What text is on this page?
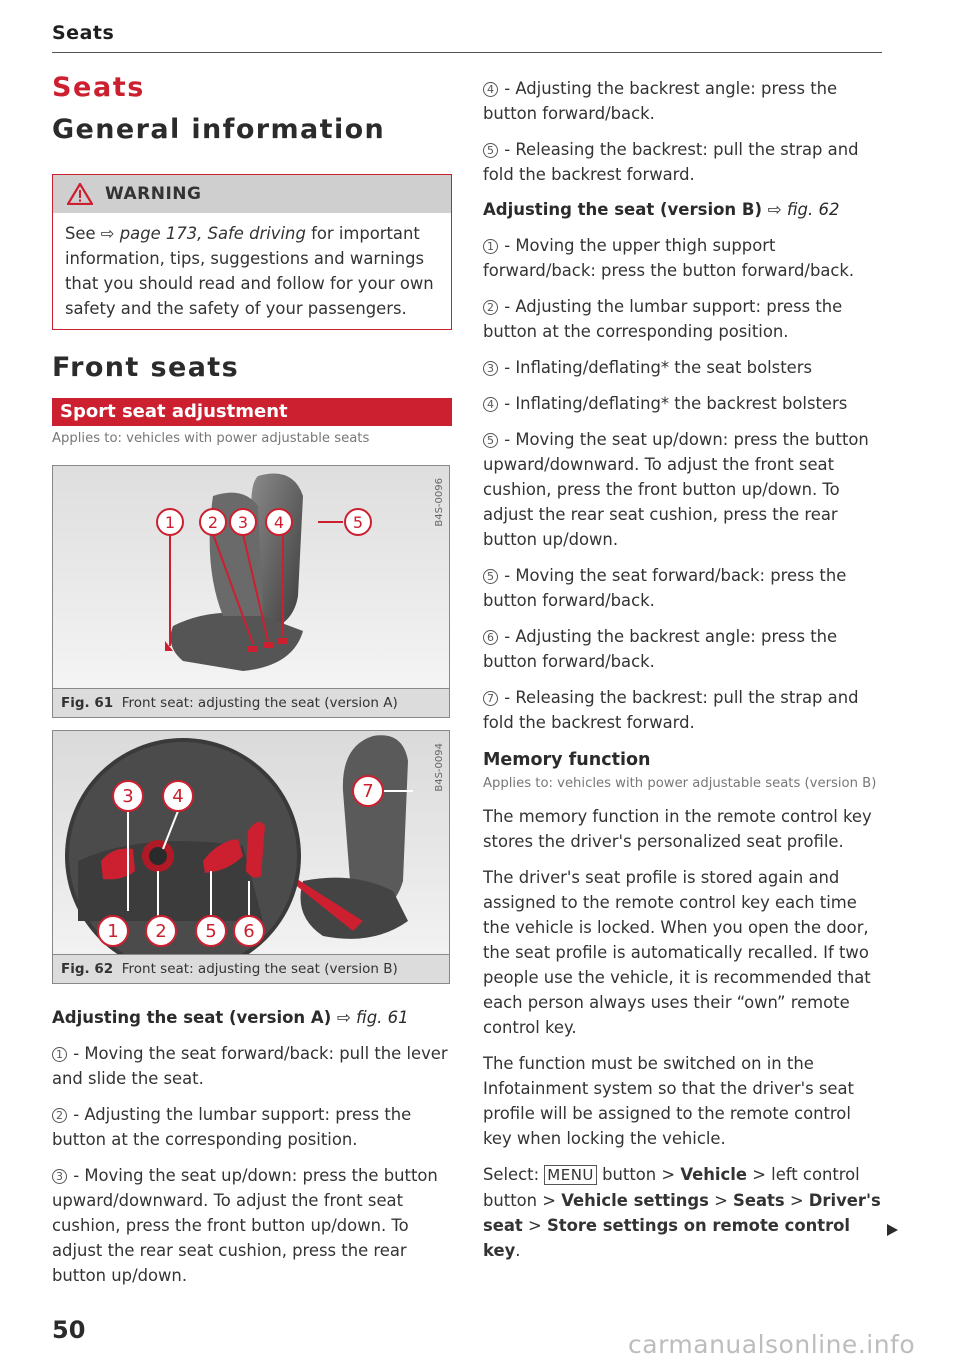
Seats
Seats
General information
WARNING
See ⇨ page 173, Safe driving for important information, tips, suggestions and warnings that you should read and follow for your own safety and the safety of your passengers.
Front seats
Sport seat adjustment
Applies to: vehicles with power adjustable seats
1 2 3 4	5	B4S-0096
Fig. 61 Front seat: adjusting the seat (version A)
3 4	7
1 2 5 6
B4S-0094
Fig. 62 Front seat: adjusting the seat (version B)
Adjusting the seat (version A) ⇨ fig. 61
1 - Moving the seat forward/back: pull the lever and slide the seat.
2 - Adjusting the lumbar support: press the button at the corresponding position.
3 - Moving the seat up/down: press the button upward/downward. To adjust the front seat cushion, press the front button up/down. To adjust the rear seat cushion, press the rear button up/down.
4 - Adjusting the backrest angle: press the button forward/back.
5 - Releasing the backrest: pull the strap and fold the backrest forward.
Adjusting the seat (version B) ⇨ fig. 62
1 - Moving the upper thigh support forward/back: press the button forward/back.
2 - Adjusting the lumbar support: press the button at the corresponding position.
3 - Inflating/deflating* the seat bolsters
4 - Inflating/deflating* the backrest bolsters
5 - Moving the seat up/down: press the button upward/downward. To adjust the front seat cushion, press the front button up/down. To adjust the rear seat cushion, press the rear button up/down.
5 - Moving the seat forward/back: press the button forward/back.
6 - Adjusting the backrest angle: press the button forward/back.
7 - Releasing the backrest: pull the strap and fold the backrest forward.
Memory function
Applies to: vehicles with power adjustable seats (version B)
The memory function in the remote control key stores the driver's personalized seat profile.
The driver's seat profile is stored again and assigned to the remote control key each time the vehicle is locked. When you open the door, the seat profile is automatically recalled. If two people use the vehicle, it is recommended that each person always uses their “own” remote control key.
The function must be switched on in the Infotainment system so that the driver's seat profile will be assigned to the remote control key when locking the vehicle.
Select: MENU button > Vehicle > left control button > Vehicle settings > Seats > Driver's seat > Store settings on remote control key.
50	carmanualsonline.info
